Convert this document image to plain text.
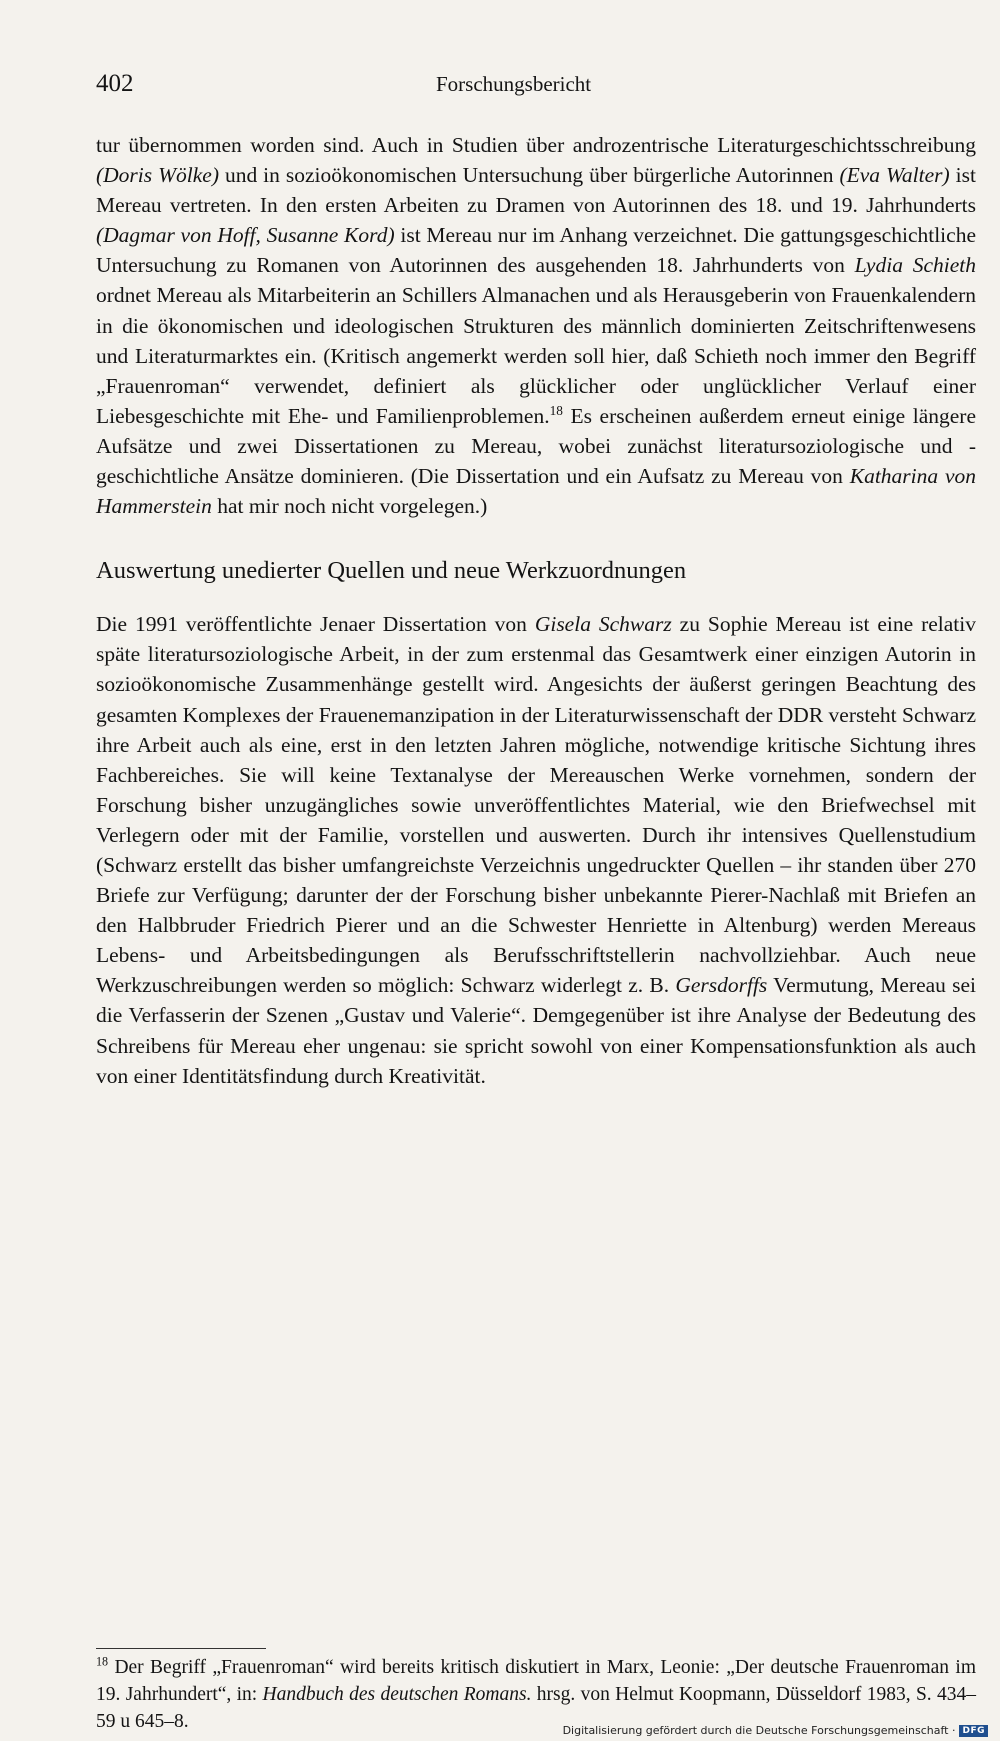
402	Forschungsbericht

tur übernommen worden sind. Auch in Studien über androzentrische Literaturgeschichtsschreibung (Doris Wölke) und in sozioökonomischen Untersuchung über bürgerliche Autorinnen (Eva Walter) ist Mereau vertreten. In den ersten Arbeiten zu Dramen von Autorinnen des 18. und 19. Jahrhunderts (Dagmar von Hoff, Susanne Kord) ist Mereau nur im Anhang verzeichnet. Die gattungsgeschichtliche Untersuchung zu Romanen von Autorinnen des ausgehenden 18. Jahrhunderts von Lydia Schieth ordnet Mereau als Mitarbeiterin an Schillers Almanachen und als Herausgeberin von Frauenkalendern in die ökonomischen und ideologischen Strukturen des männlich dominierten Zeitschriftenwesens und Literaturmarktes ein. (Kritisch angemerkt werden soll hier, daß Schieth noch immer den Begriff „Frauenroman“ verwendet, definiert als glücklicher oder unglücklicher Verlauf einer Liebesgeschichte mit Ehe- und Familienproblemen.$^{18}$ Es erscheinen außerdem erneut einige längere Aufsätze und zwei Dissertationen zu Mereau, wobei zunächst literatursoziologische und -geschichtliche Ansätze dominieren. (Die Dissertation und ein Aufsatz zu Mereau von Katharina von Hammerstein hat mir noch nicht vorgelegen.)

Auswertung unedierter Quellen und neue Werkzuordnungen

Die 1991 veröffentlichte Jenaer Dissertation von Gisela Schwarz zu Sophie Mereau ist eine relativ späte literatursoziologische Arbeit, in der zum erstenmal das Gesamtwerk einer einzigen Autorin in sozioökonomische Zusammenhänge gestellt wird. Angesichts der äußerst geringen Beachtung des gesamten Komplexes der Frauenemanzipation in der Literaturwissenschaft der DDR versteht Schwarz ihre Arbeit auch als eine, erst in den letzten Jahren mögliche, notwendige kritische Sichtung ihres Fachbereiches. Sie will keine Textanalyse der Mereauschen Werke vornehmen, sondern der Forschung bisher unzugängliches sowie unveröffentlichtes Material, wie den Briefwechsel mit Verlegern oder mit der Familie, vorstellen und auswerten. Durch ihr intensives Quellenstudium (Schwarz erstellt das bisher umfangreichste Verzeichnis ungedruckter Quellen – ihr standen über 270 Briefe zur Verfügung; darunter der der Forschung bisher unbekannte Pierer-Nachlaß mit Briefen an den Halbbruder Friedrich Pierer und an die Schwester Henriette in Altenburg) werden Mereaus Lebens- und Arbeitsbedingungen als Berufsschriftstellerin nachvollziehbar. Auch neue Werkzuschreibungen werden so möglich: Schwarz widerlegt z. B. Gersdorffs Vermutung, Mereau sei die Verfasserin der Szenen „Gustav und Valerie“. Demgegenüber ist ihre Analyse der Bedeutung des Schreibens für Mereau eher ungenau: sie spricht sowohl von einer Kompensationsfunktion als auch von einer Identitätsfindung durch Kreativität.

$^{18}$ Der Begriff „Frauenroman“ wird bereits kritisch diskutiert in Marx, Leonie: „Der deutsche Frauenroman im 19. Jahrhundert“, in: Handbuch des deutschen Romans. hrsg. von Helmut Koopmann, Düsseldorf 1983, S. 434–59 u 645–8.	Digitalisierung gefördert durch die Deutsche Forschungsgemeinschaft · DFG
